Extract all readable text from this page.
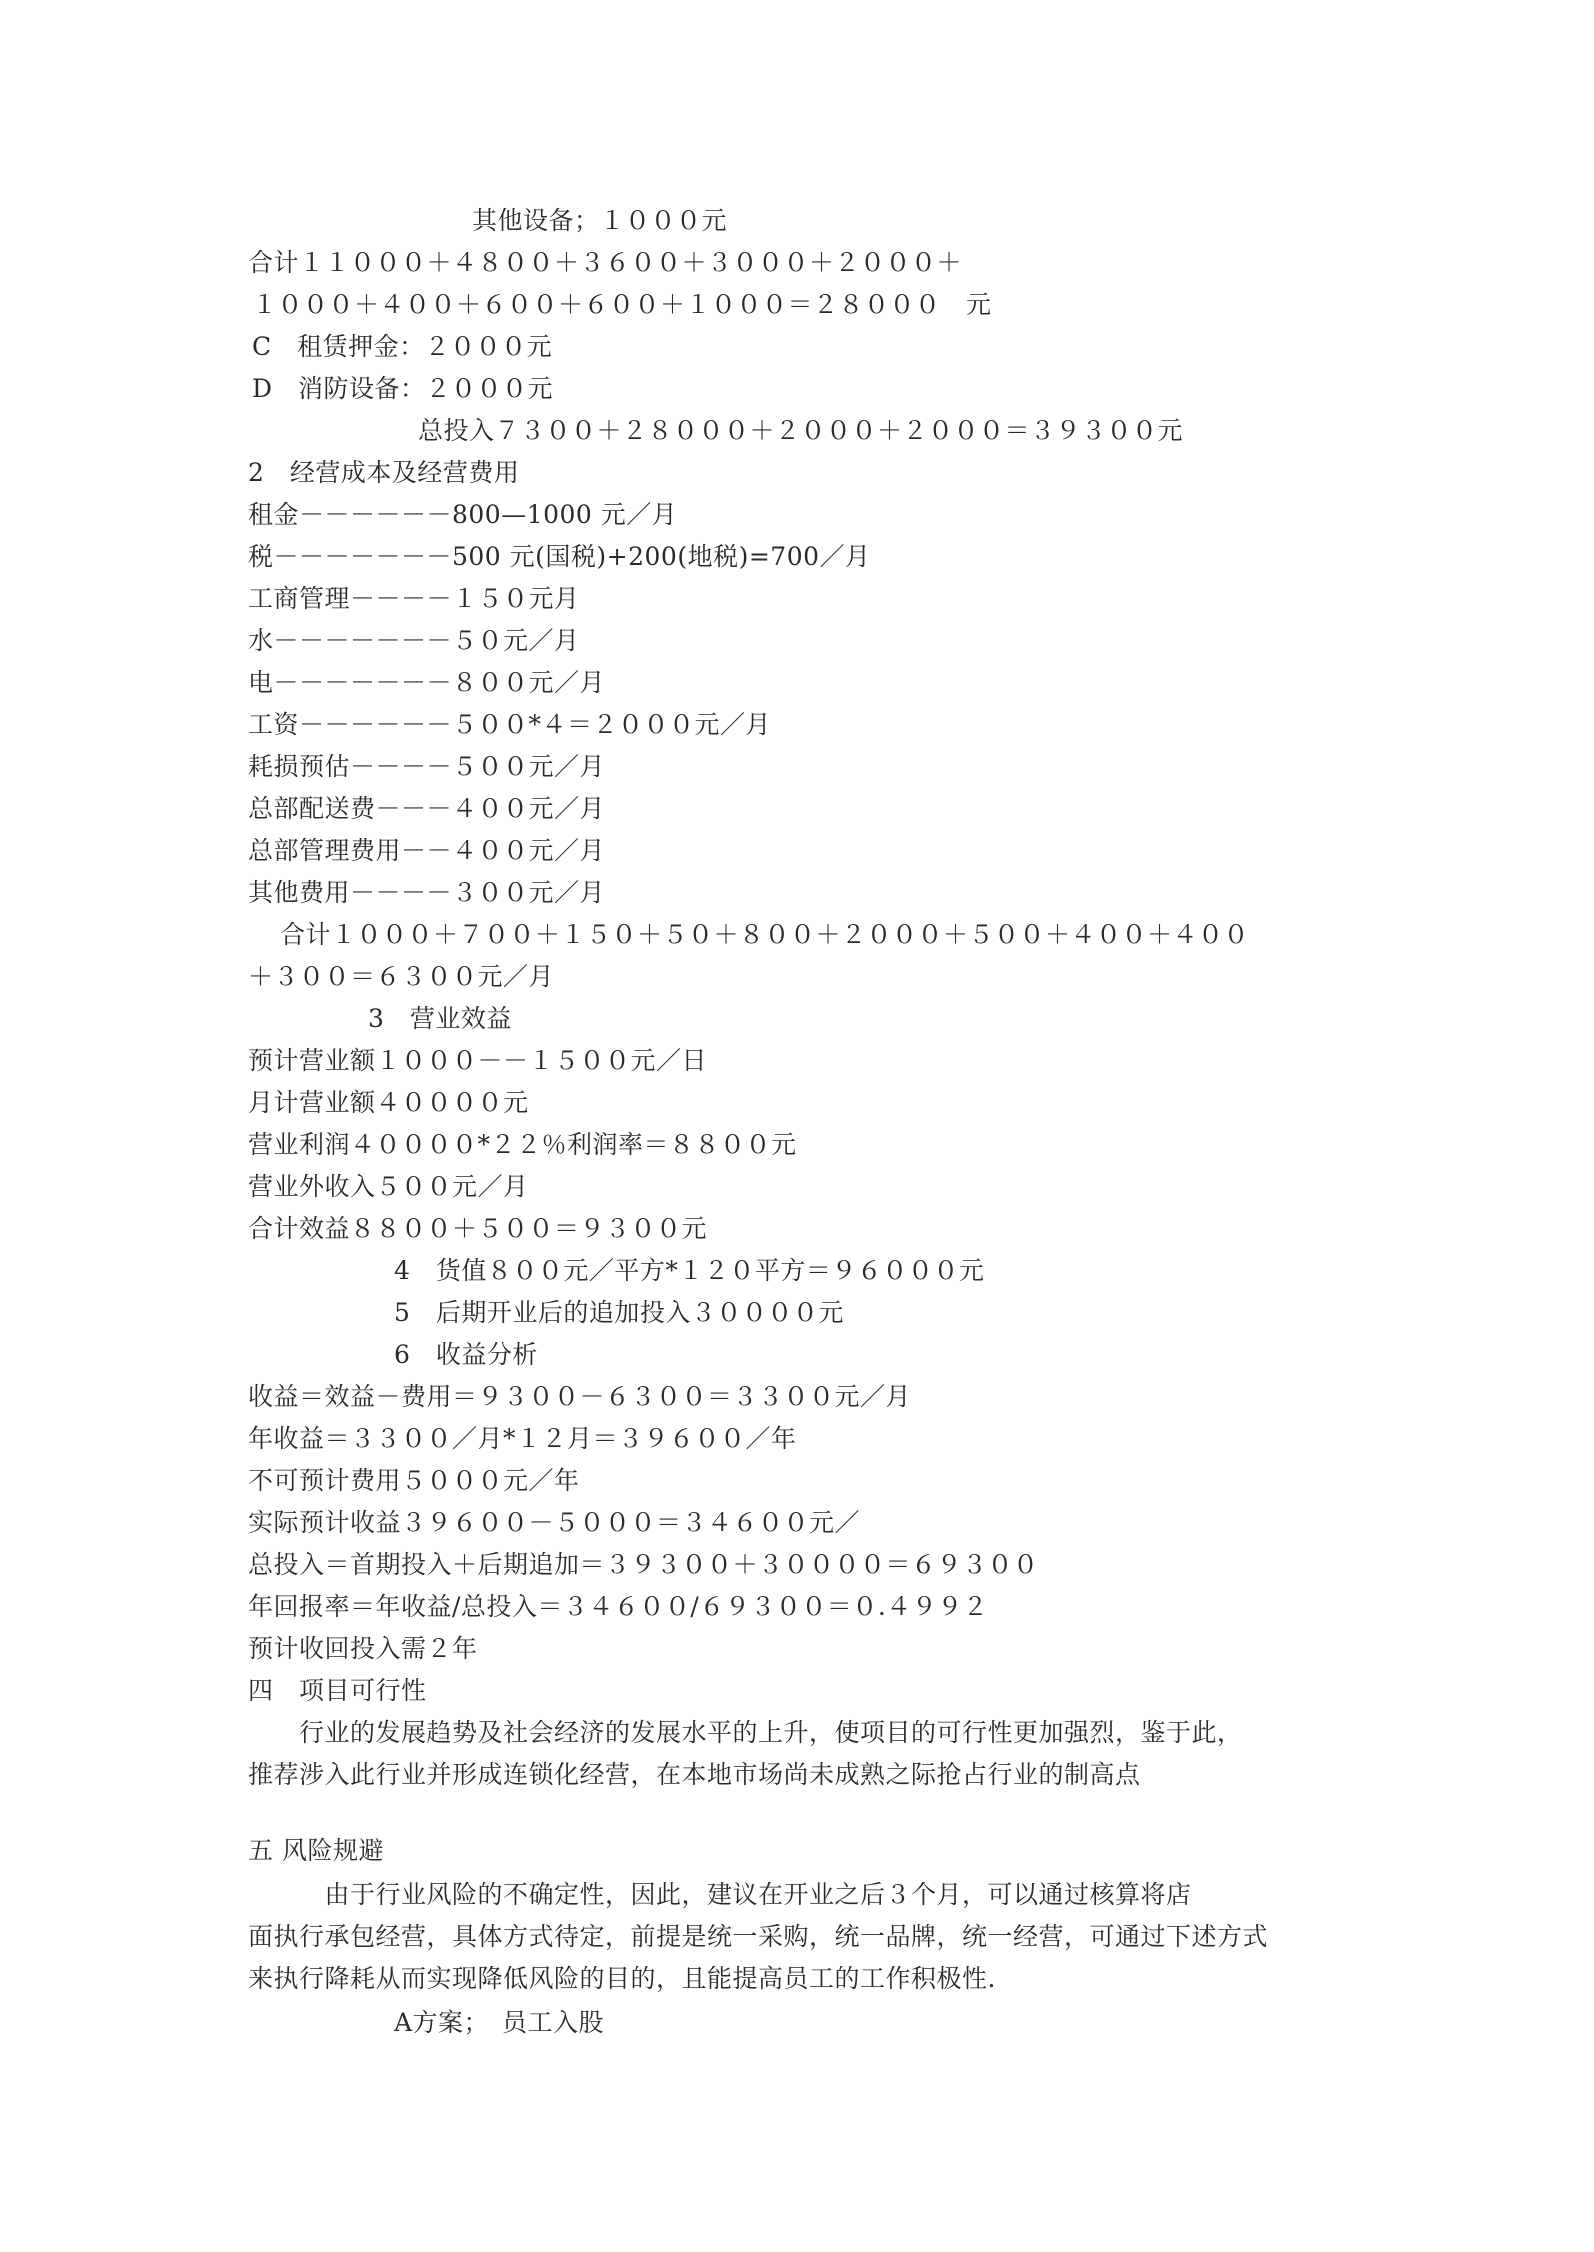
其他设备；１０００元
合计１１０００＋４８００＋３６００＋３０００＋２０００＋
１０００＋４００＋６００＋６００＋１０００＝２８０００　元
C　租赁押金：２０００元
D　消防设备：２０００元
总投入７３００＋２８０００＋２０００＋２０００＝３９３００元
2　经营成本及经营费用
租金－－－－－－800—1000 元／月
税－－－－－－－500 元(国税)+200(地税)=700／月
工商管理－－－－１５０元月
水－－－－－－－５０元／月
电－－－－－－－８００元／月
工资－－－－－－５００*４＝２０００元／月
耗损预估－－－－５００元／月
总部配送费－－－４００元／月
总部管理费用－－４００元／月
其他费用－－－－３００元／月
合计１０００＋７００＋１５０＋５０＋８００＋２０００＋５００＋４００＋４００
＋３００＝６３００元／月
3　营业效益
预计营业额１０００－－１５００元／日
月计营业额４００００元
营业利润４００００*２２％利润率＝８８００元
营业外收入５００元／月
合计效益８８００＋５００＝９３００元
4　货值８００元／平方*１２０平方＝９６０００元
5　后期开业后的追加投入３００００元
6　收益分析
收益＝效益－费用＝９３００－６３００＝３３００元／月
年收益＝３３００／月*１２月＝３９６００／年
不可预计费用５０００元／年
实际预计收益３９６００－５０００＝３４６００元／
总投入＝首期投入＋后期追加＝３９３００＋３００００＝６９３００
年回报率＝年收益/总投入＝３４６００/６９３００＝０.４９９２
预计收回投入需２年
四　项目可行性
　　行业的发展趋势及社会经济的发展水平的上升，使项目的可行性更加强烈，鉴于此，
推荐涉入此行业并形成连锁化经营，在本地市场尚未成熟之际抢占行业的制高点
五 风险规避
　　　由于行业风险的不确定性，因此，建议在开业之后３个月，可以通过核算将店
面执行承包经营，具体方式待定，前提是统一采购，统一品牌，统一经营，可通过下述方式
来执行降耗从而实现降低风险的目的，且能提高员工的工作积极性.
A方案；　员工入股
